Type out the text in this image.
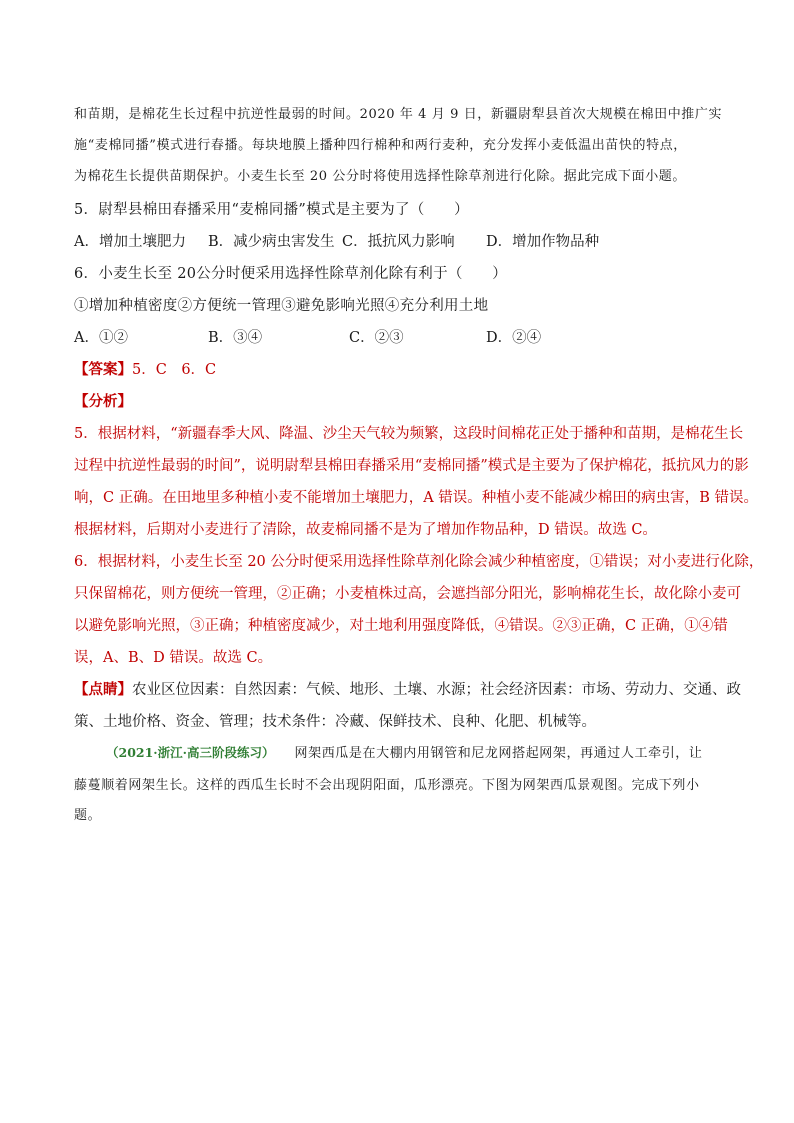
和苗期，是棉花生长过程中抗逆性最弱的时间。2020 年 4 月 9 日，新疆尉犁县首次大规模在棉田中推广实
施“麦棉同播”模式进行春播。每块地膜上播种四行棉种和两行麦种，充分发挥小麦低温出苗快的特点，
为棉花生长提供苗期保护。小麦生长至 20 公分时将使用选择性除草剂进行化除。据此完成下面小题。
5．尉犁县棉田春播采用“麦棉同播”模式是主要为了（　　）
A．增加土壤肥力 B．减少病虫害发生 C．抵抗风力影响 D．增加作物品种
6．小麦生长至 20公分时便采用选择性除草剂化除有利于（　　）
①增加种植密度②方便统一管理③避免影响光照④充分利用土地
A．①②	B．③④	C．②③	D．②④
【答案】5．C　6．C
【分析】
5．根据材料，“新疆春季大风、降温、沙尘天气较为频繁，这段时间棉花正处于播种和苗期，是棉花生长
过程中抗逆性最弱的时间”，说明尉犁县棉田春播采用“麦棉同播”模式是主要为了保护棉花，抵抗风力的影
响，C 正确。在田地里多种植小麦不能增加土壤肥力，A 错误。种植小麦不能减少棉田的病虫害，B 错误。
根据材料，后期对小麦进行了清除，故麦棉同播不是为了增加作物品种，D 错误。故选 C。
6．根据材料，小麦生长至 20 公分时便采用选择性除草剂化除会减少种植密度，①错误；对小麦进行化除，
只保留棉花，则方便统一管理，②正确；小麦植株过高，会遮挡部分阳光，影响棉花生长，故化除小麦可
以避免影响光照，③正确；种植密度减少，对土地利用强度降低，④错误。②③正确，C 正确，①④错
误，A、B、D 错误。故选 C。
【点睛】农业区位因素：自然因素：气候、地形、土壤、水源；社会经济因素：市场、劳动力、交通、政
策、土地价格、资金、管理；技术条件：冷藏、保鲜技术、良种、化肥、机械等。
（2021·浙江·高三阶段练习） 网架西瓜是在大棚内用钢管和尼龙网搭起网架，再通过人工牵引，让
藤蔓顺着网架生长。这样的西瓜生长时不会出现阴阳面，瓜形漂亮。下图为网架西瓜景观图。完成下列小
题。
